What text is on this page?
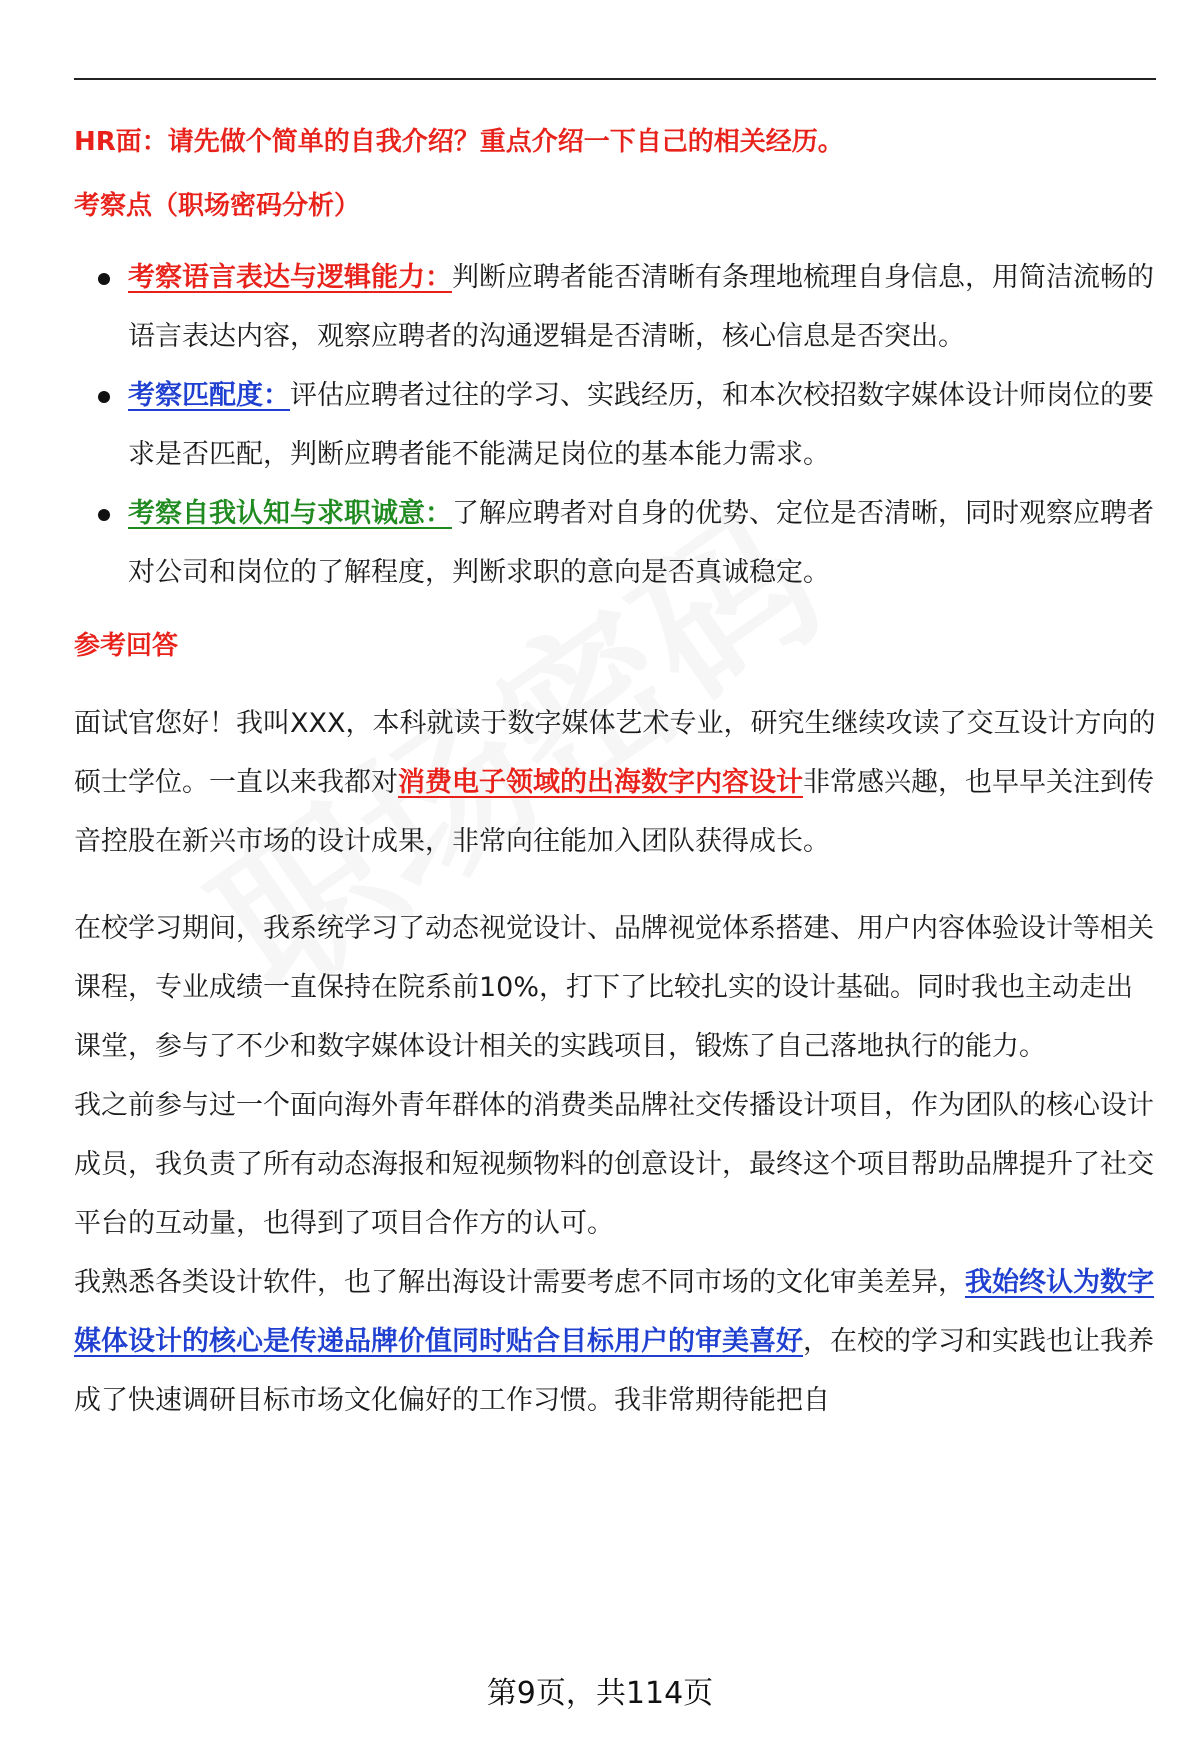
HR面：请先做个简单的自我介绍？重点介绍一下自己的相关经历。

考察点（职场密码分析）

考察语言表达与逻辑能力：判断应聘者能否清晰有条理地梳理自身信息，用简洁流畅的语言表达内容，观察应聘者的沟通逻辑是否清晰，核心信息是否突出。
考察匹配度：评估应聘者过往的学习、实践经历，和本次校招数字媒体设计师岗位的要求是否匹配，判断应聘者能不能满足岗位的基本能力需求。
考察自我认知与求职诚意：了解应聘者对自身的优势、定位是否清晰，同时观察应聘者对公司和岗位的了解程度，判断求职的意向是否真诚稳定。

参考回答

面试官您好！我叫XXX，本科就读于数字媒体艺术专业，研究生继续攻读了交互设计方向的硕士学位。一直以来我都对消费电子领域的出海数字内容设计非常感兴趣，也早早关注到传音控股在新兴市场的设计成果，非常向往能加入团队获得成长。

在校学习期间，我系统学习了动态视觉设计、品牌视觉体系搭建、用户内容体验设计等相关课程，专业成绩一直保持在院系前10%，打下了比较扎实的设计基础。同时我也主动走出课堂，参与了不少和数字媒体设计相关的实践项目，锻炼了自己落地执行的能力。

我之前参与过一个面向海外青年群体的消费类品牌社交传播设计项目，作为团队的核心设计成员，我负责了所有动态海报和短视频物料的创意设计，最终这个项目帮助品牌提升了社交平台的互动量，也得到了项目合作方的认可。

我熟悉各类设计软件，也了解出海设计需要考虑不同市场的文化审美差异，我始终认为数字媒体设计的核心是传递品牌价值同时贴合目标用户的审美喜好，在校的学习和实践也让我养成了快速调研目标市场文化偏好的工作习惯。我非常期待能把自

第9页，共114页
